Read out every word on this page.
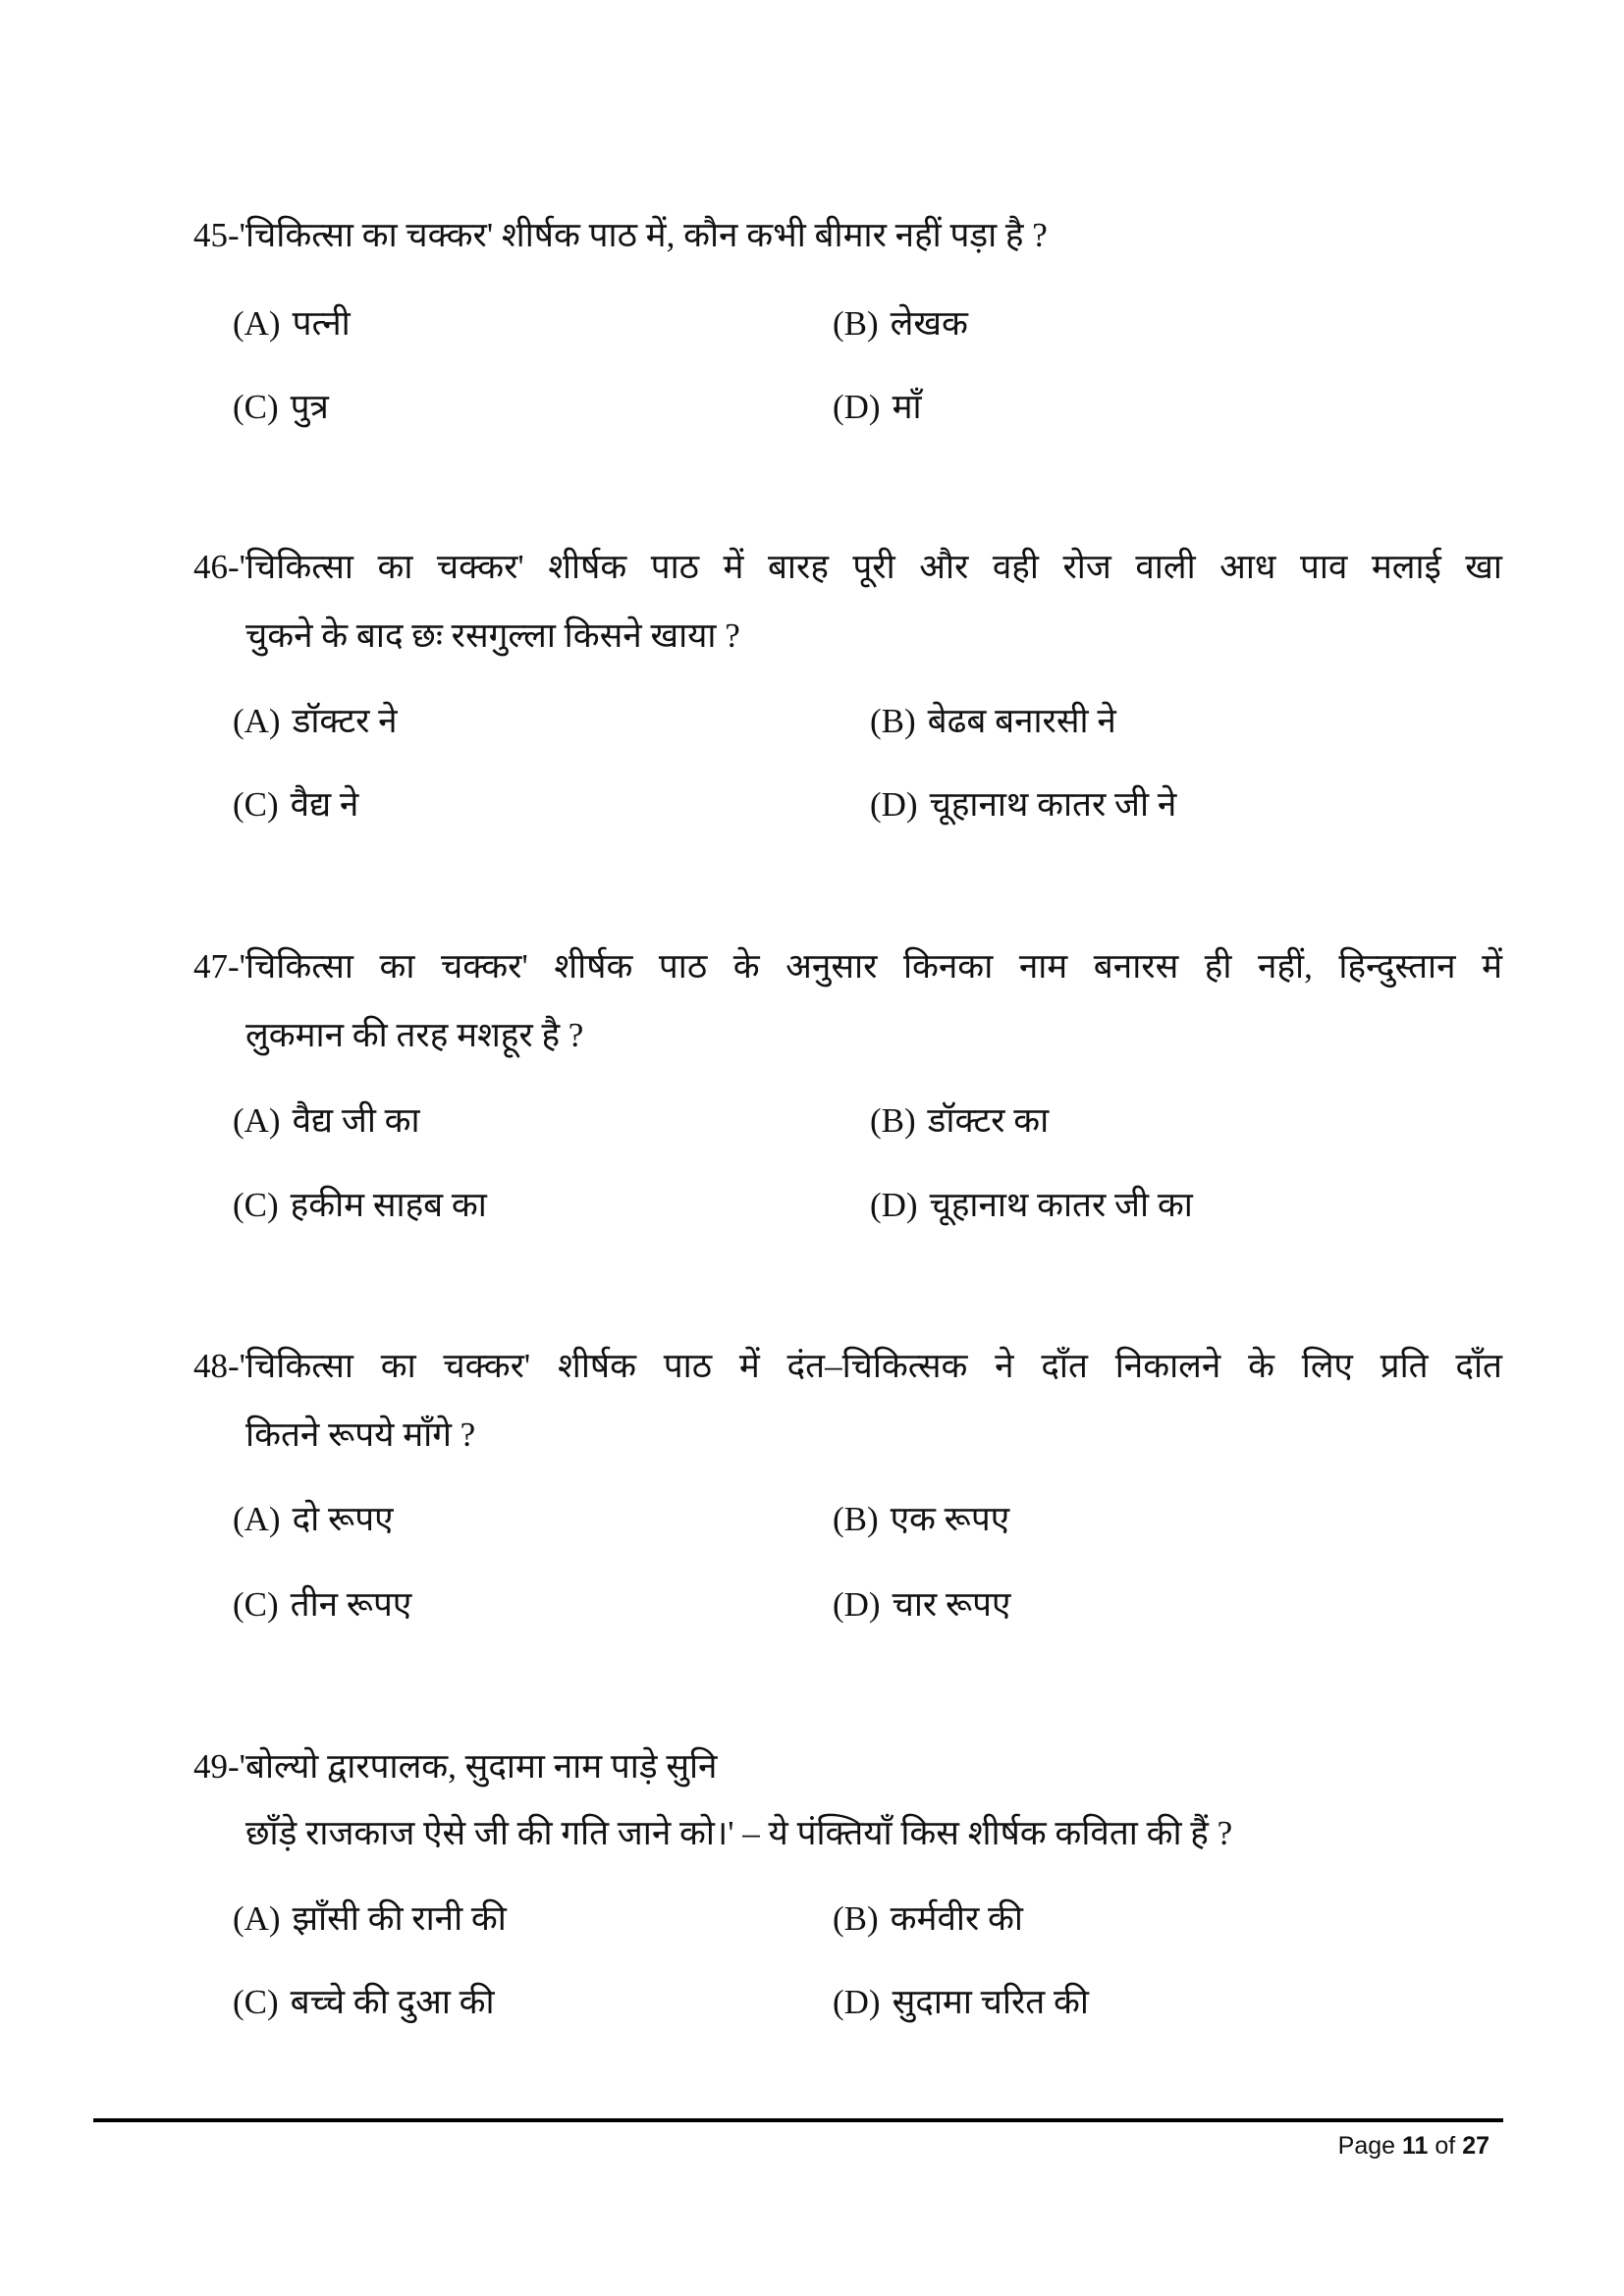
45-'चिकित्सा का चक्कर' शीर्षक पाठ में, कौन कभी बीमार नहीं पड़ा है ?
(A) पत्नी	(B) लेखक
(C) पुत्र	(D) माँ
46-'चिकित्सा का चक्कर' शीर्षक पाठ में बारह पूरी और वही रोज वाली आध पाव मलाई खा
चुकने के बाद छः रसगुल्ला किसने खाया ?
(A) डॉक्टर ने	(B) बेढब बनारसी ने
(C) वैद्य ने	(D) चूहानाथ कातर जी ने
47-'चिकित्सा का चक्कर' शीर्षक पाठ के अनुसार किनका नाम बनारस ही नहीं, हिन्दुस्तान में
लुकमान की तरह मशहूर है ?
(A) वैद्य जी का	(B) डॉक्टर का
(C) हकीम साहब का	(D) चूहानाथ कातर जी का
48-'चिकित्सा का चक्कर' शीर्षक पाठ में दंत–चिकित्सक ने दाँत निकालने के लिए प्रति दाँत
कितने रूपये माँगे ?
(A) दो रूपए	(B) एक रूपए
(C) तीन रूपए	(D) चार रूपए
49-'बोल्यो द्वारपालक, सुदामा नाम पाड़े सुनि
छाँड़े राजकाज ऐसे जी की गति जाने को।' – ये पंक्तियाँ किस शीर्षक कविता की हैं ?
(A) झाँसी की रानी की	(B) कर्मवीर की
(C) बच्चे की दुआ की	(D) सुदामा चरित की
Page 11 of 27
